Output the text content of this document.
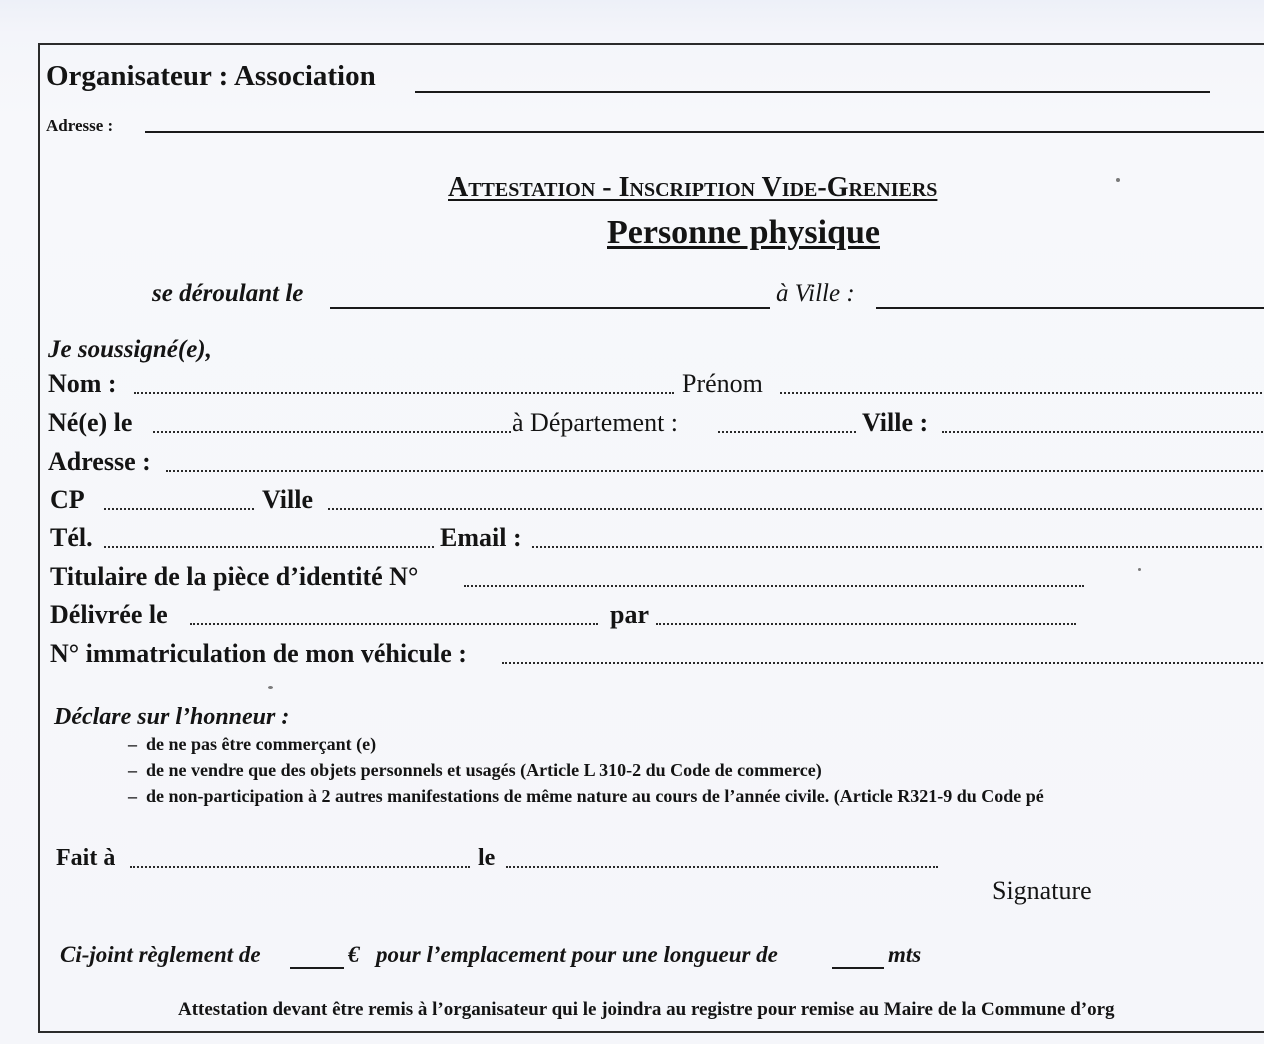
Organisateur : Association
Adresse :
Attestation - Inscription Vide-Greniers
Personne physique
se déroulant le	à Ville :
Je soussigné(e),
Nom :	Prénom
Né(e) le	à Département :	Ville :
Adresse :
CP	Ville
Tél.	Email :
Titulaire de la pièce d’identité N°
Délivrée le	par
N° immatriculation de mon véhicule :
Déclare sur l’honneur :
–  de ne pas être commerçant (e)
–  de ne vendre que des objets personnels et usagés (Article L 310-2 du Code de commerce)
–  de non-participation à 2 autres manifestations de même nature au cours de l’année civile. (Article R321-9 du Code pé
Fait à	le
Signature
Ci-joint règlement de	€ pour l’emplacement pour une longueur de	mts
Attestation devant être remis à l’organisateur qui le joindra au registre pour remise au Maire de la Commune d’org
